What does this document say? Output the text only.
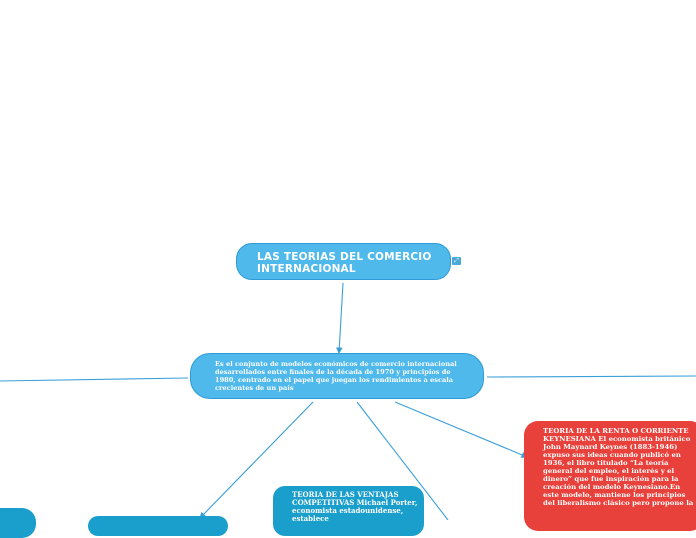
LAS TEORIAS DEL COMERCIO INTERNACIONAL
⤢
Es el conjunto de modelos económicos de comercio internacional desarrollados entre finales de la década de 1970 y principios de 1980, centrado en el papel que juegan los rendimientos a escala crecientes de un país
TEORIA DE LA RENTA O CORRIENTE KEYNESIANA El economista británico John Maynard Keynes (1883-1946) expuso sus ideas cuando publicó en 1936, el libro titulado “La teoría general del empleo, el interés y el dinero” que fue inspiración para la creación del modelo Keynesiano.En este modelo, mantiene los principios del liberalismo clásico pero propone la
TEORIA DE LAS VENTAJAS COMPETITIVAS Michael Porter, economista estadounidense, establece
